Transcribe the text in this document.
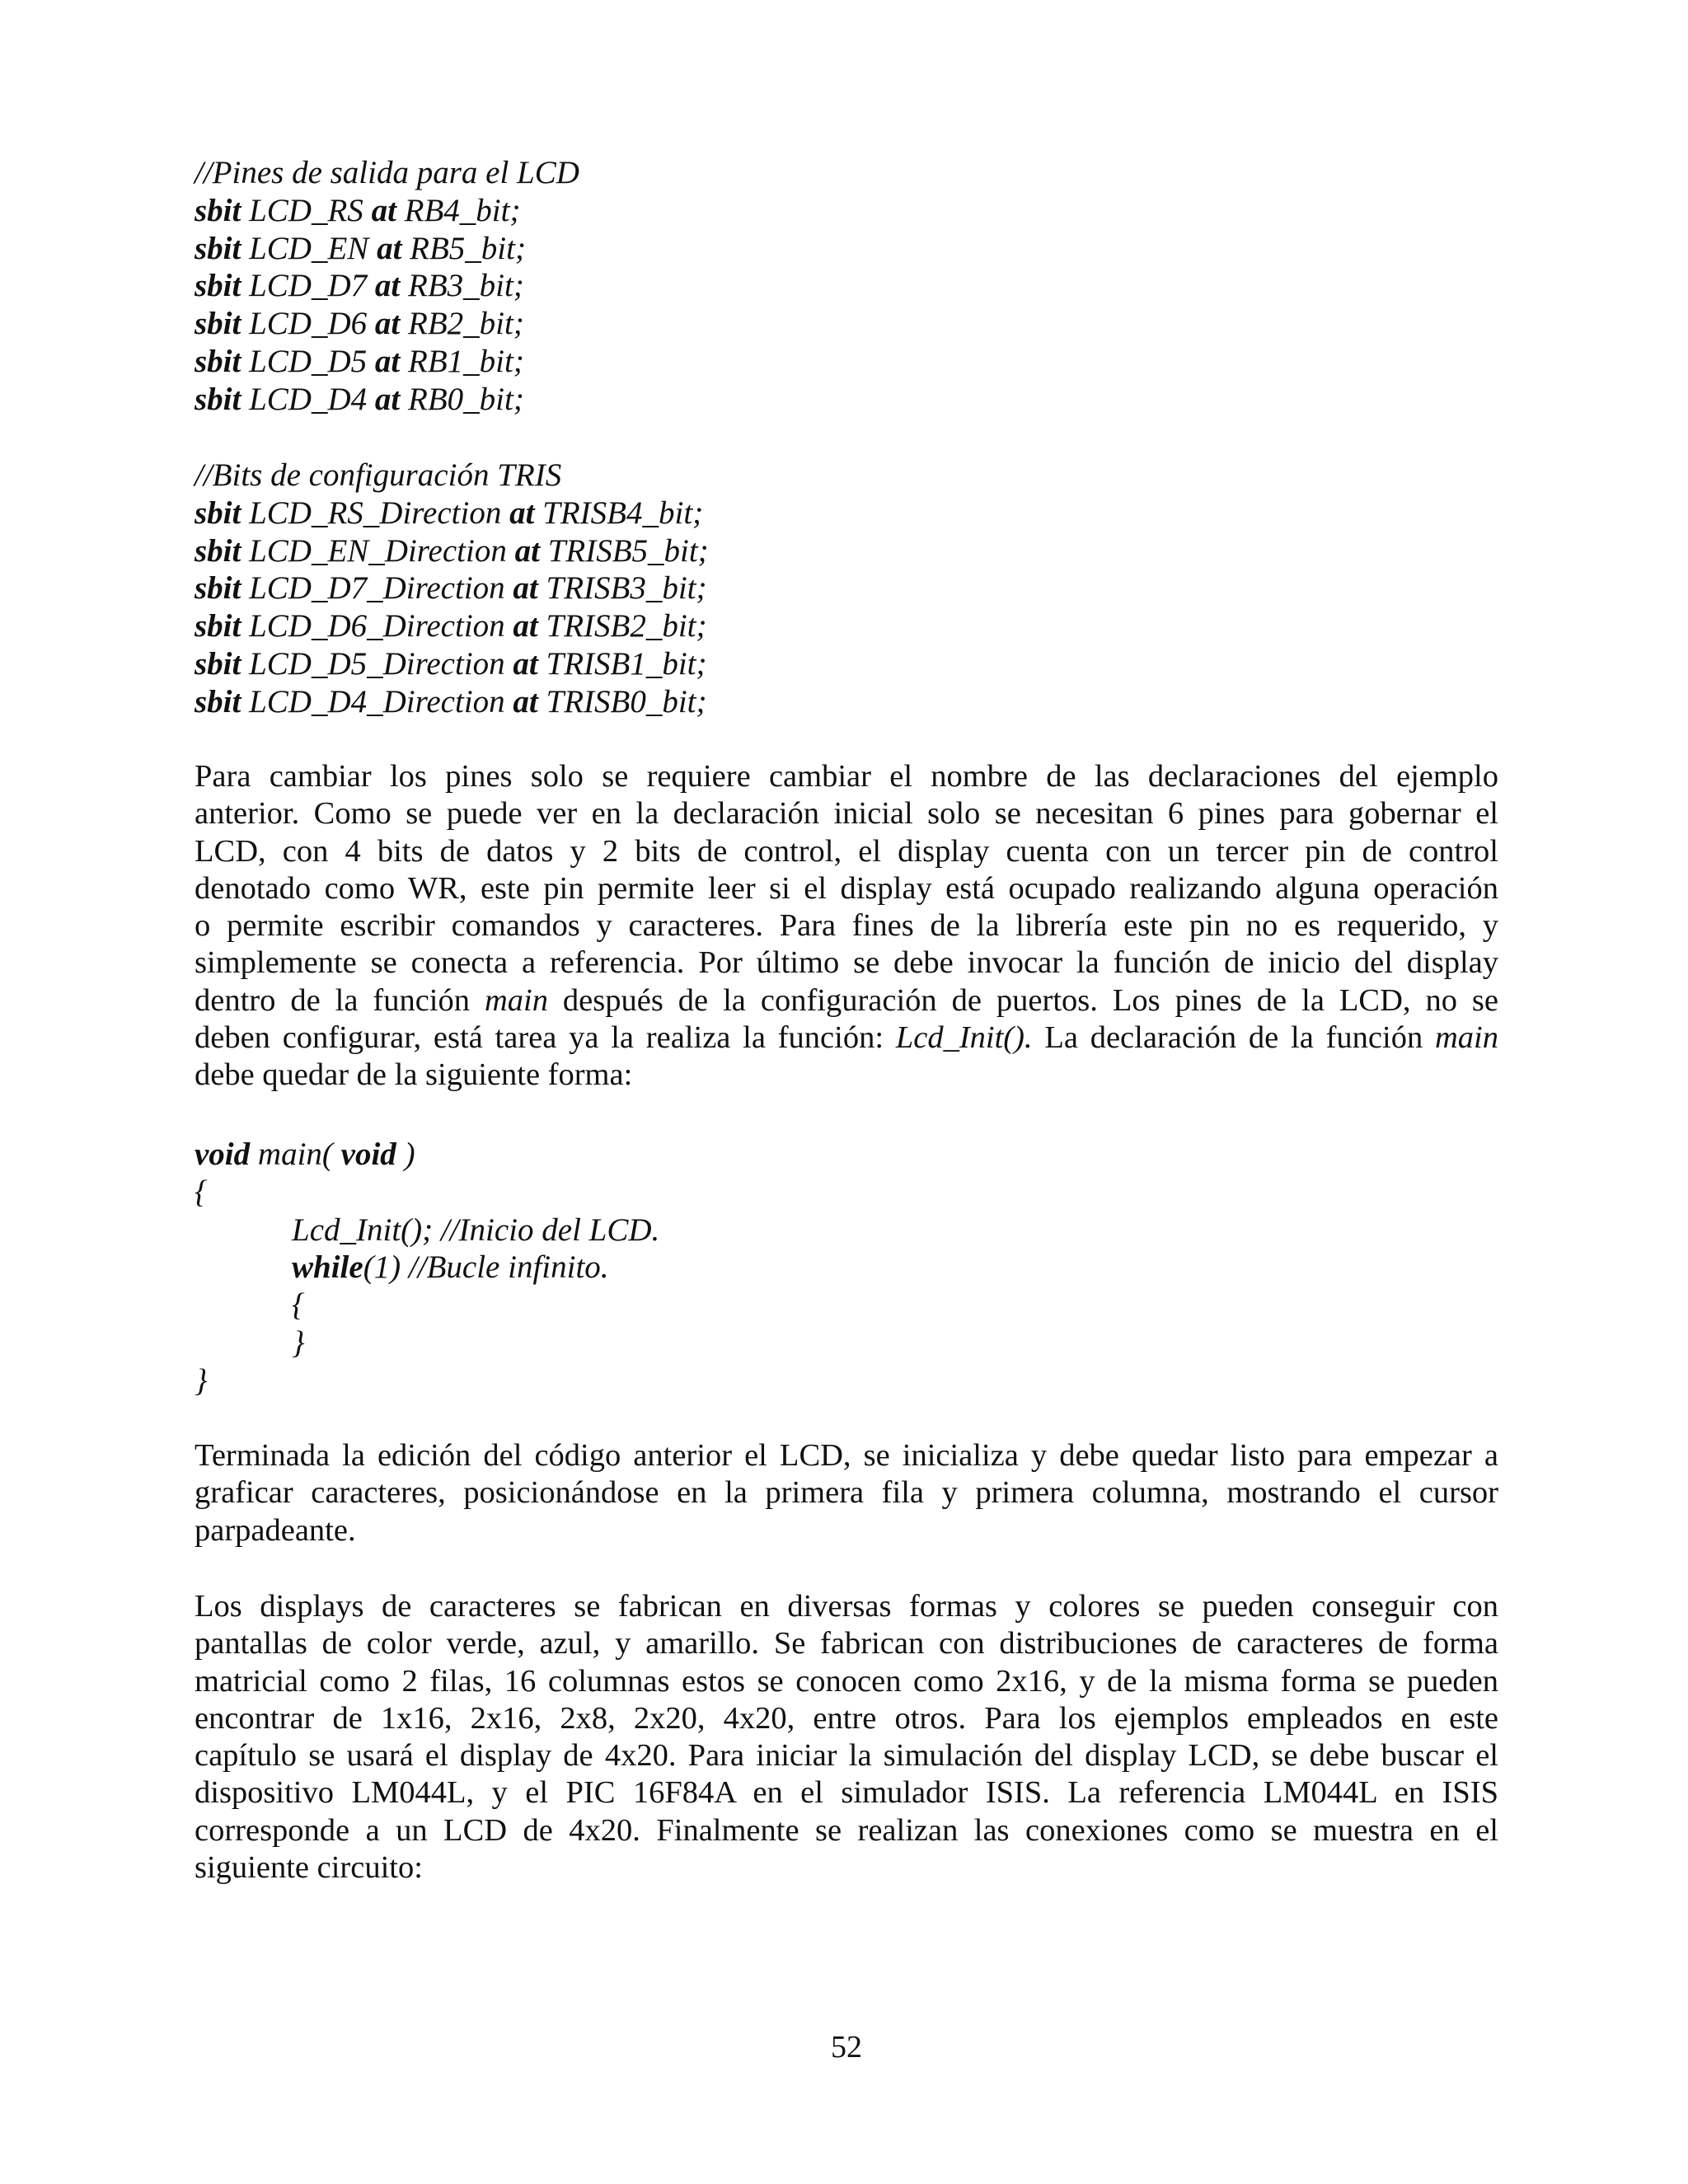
//Pines de salida para el LCD
sbit LCD_RS at RB4_bit;
sbit LCD_EN at RB5_bit;
sbit LCD_D7 at RB3_bit;
sbit LCD_D6 at RB2_bit;
sbit LCD_D5 at RB1_bit;
sbit LCD_D4 at RB0_bit;
//Bits de configuración TRIS
sbit LCD_RS_Direction at TRISB4_bit;
sbit LCD_EN_Direction at TRISB5_bit;
sbit LCD_D7_Direction at TRISB3_bit;
sbit LCD_D6_Direction at TRISB2_bit;
sbit LCD_D5_Direction at TRISB1_bit;
sbit LCD_D4_Direction at TRISB0_bit;
Para cambiar los pines solo se requiere cambiar el nombre de las declaraciones del ejemplo
anterior. Como se puede ver en la declaración inicial solo se necesitan 6 pines para gobernar el
LCD, con 4 bits de datos y 2 bits de control, el display cuenta con un tercer pin de control
denotado como WR, este pin permite leer si el display está ocupado realizando alguna operación
o permite escribir comandos y caracteres. Para fines de la librería este pin no es requerido, y
simplemente se conecta a referencia. Por último se debe invocar la función de inicio del display
dentro de la función main después de la configuración de puertos. Los pines de la LCD, no se
deben configurar, está tarea ya la realiza la función: Lcd_Init(). La declaración de la función main
debe quedar de la siguiente forma:
void main( void )
{
Lcd_Init(); //Inicio del LCD.
while(1) //Bucle infinito.
{
}
}
Terminada la edición del código anterior el LCD, se inicializa y debe quedar listo para empezar a
graficar caracteres, posicionándose en la primera fila y primera columna, mostrando el cursor
parpadeante.
Los displays de caracteres se fabrican en diversas formas y colores se pueden conseguir con
pantallas de color verde, azul, y amarillo. Se fabrican con distribuciones de caracteres de forma
matricial como 2 filas, 16 columnas estos se conocen como 2x16, y de la misma forma se pueden
encontrar de 1x16, 2x16, 2x8, 2x20, 4x20, entre otros. Para los ejemplos empleados en este
capítulo se usará el display de 4x20. Para iniciar la simulación del display LCD, se debe buscar el
dispositivo LM044L, y el PIC 16F84A en el simulador ISIS. La referencia LM044L en ISIS
corresponde a un LCD de 4x20. Finalmente se realizan las conexiones como se muestra en el
siguiente circuito:
52
